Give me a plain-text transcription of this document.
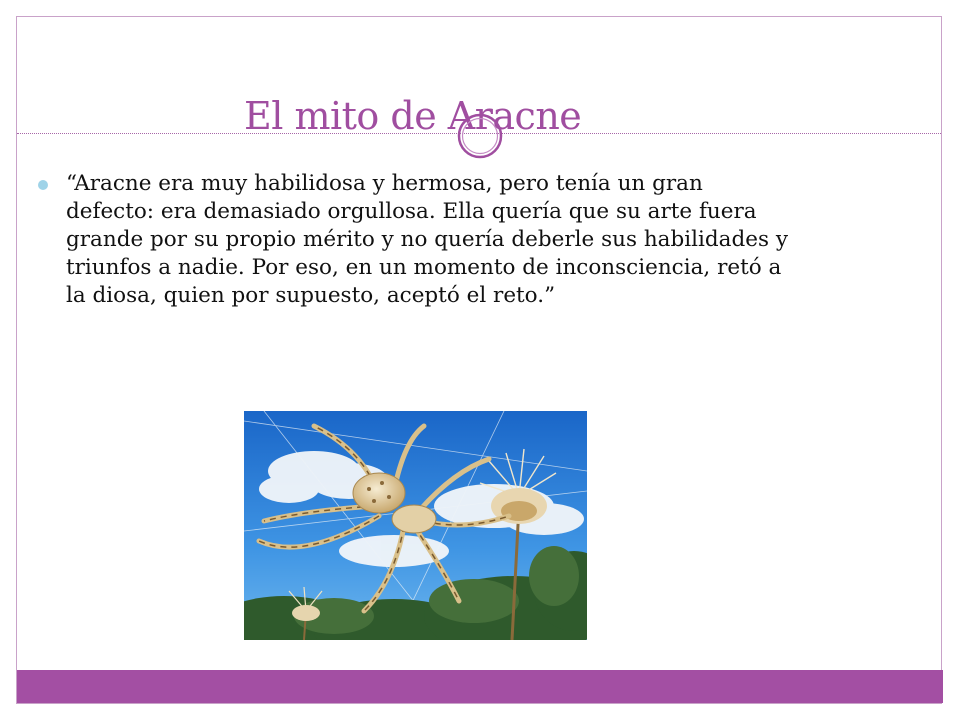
El mito de Aracne
“Aracne era muy habilidosa y hermosa, pero tenía un gran defecto: era demasiado orgullosa. Ella quería que su arte fuera grande por su propio mérito y no quería deberle sus habilidades y triunfos a nadie. Por eso, en un momento de inconsciencia, retó a la diosa, quien por supuesto, aceptó el reto.”
